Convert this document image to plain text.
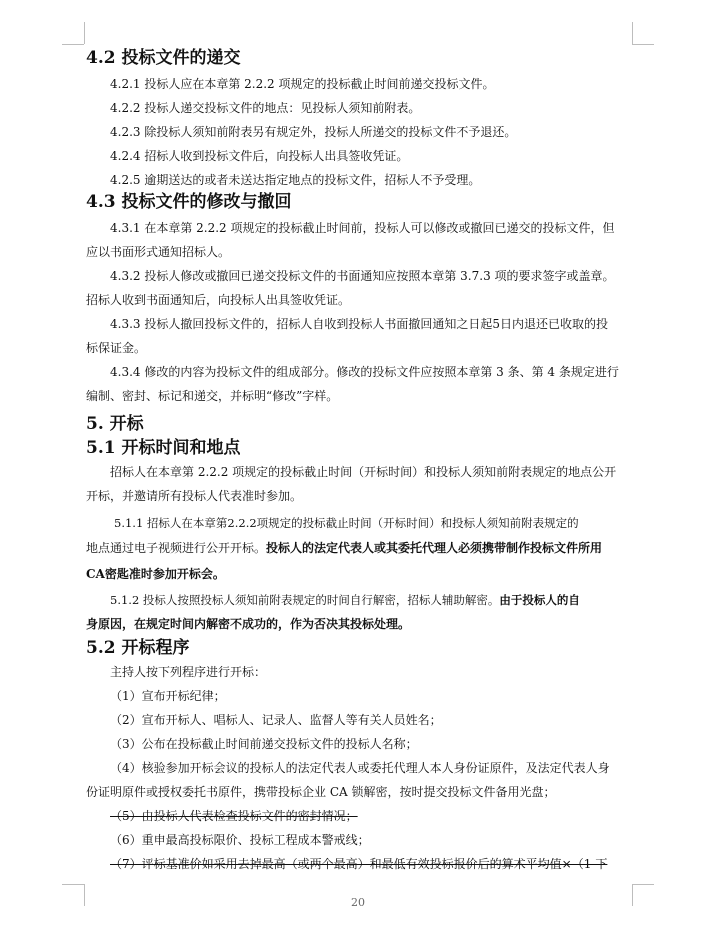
4.2 投标文件的递交
4.2.1 投标人应在本章第 2.2.2 项规定的投标截止时间前递交投标文件。
4.2.2 投标人递交投标文件的地点：见投标人须知前附表。
4.2.3 除投标人须知前附表另有规定外，投标人所递交的投标文件不予退还。
4.2.4 招标人收到投标文件后，向投标人出具签收凭证。
4.2.5 逾期送达的或者未送达指定地点的投标文件，招标人不予受理。
4.3 投标文件的修改与撤回
4.3.1 在本章第 2.2.2 项规定的投标截止时间前，投标人可以修改或撤回已递交的投标文件，但
应以书面形式通知招标人。
4.3.2 投标人修改或撤回已递交投标文件的书面通知应按照本章第 3.7.3 项的要求签字或盖章。
招标人收到书面通知后，向投标人出具签收凭证。
4.3.3 投标人撤回投标文件的，招标人自收到投标人书面撤回通知之日起5日内退还已收取的投
标保证金。
4.3.4 修改的内容为投标文件的组成部分。修改的投标文件应按照本章第 3 条、第 4 条规定进行
编制、密封、标记和递交，并标明“修改”字样。
5. 开标
5.1 开标时间和地点
招标人在本章第 2.2.2 项规定的投标截止时间（开标时间）和投标人须知前附表规定的地点公开
开标，并邀请所有投标人代表准时参加。
5.1.1 招标人在本章第2.2.2项规定的投标截止时间（开标时间）和投标人须知前附表规定的
地点通过电子视频进行公开开标。投标人的法定代表人或其委托代理人必须携带制作投标文件所用
CA密匙准时参加开标会。
5.1.2 投标人按照投标人须知前附表规定的时间自行解密，招标人辅助解密。由于投标人的自
身原因，在规定时间内解密不成功的，作为否决其投标处理。
5.2 开标程序
主持人按下列程序进行开标：
（1）宣布开标纪律；
（2）宣布开标人、唱标人、记录人、监督人等有关人员姓名；
（3）公布在投标截止时间前递交投标文件的投标人名称；
（4）核验参加开标会议的投标人的法定代表人或委托代理人本人身份证原件，及法定代表人身
份证明原件或授权委托书原件，携带投标企业 CA 锁解密，按时提交投标文件备用光盘；
（5）由投标人代表检查投标文件的密封情况；
（6）重申最高投标限价、投标工程成本警戒线；
（7）评标基准价如采用去掉最高（或两个最高）和最低有效投标报价后的算术平均值×（1-下
20
